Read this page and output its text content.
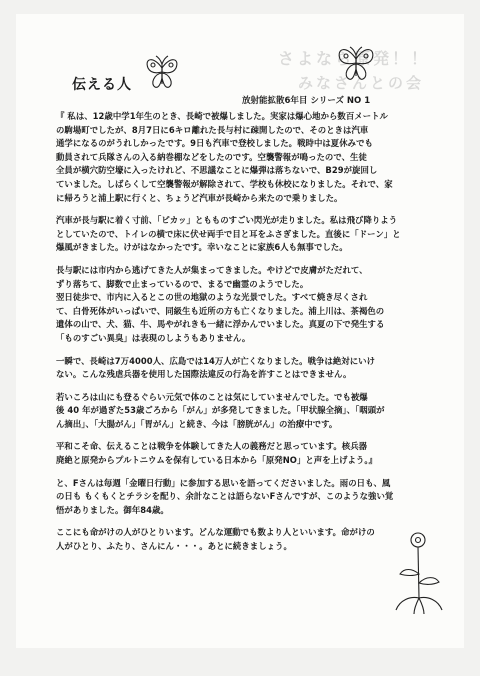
さよなら原発！！
みなさんとの会
伝える人
放射能拡散6年目 シリーズ NO 1

『 私は、12歳中学1年生のとき、長崎で被爆しました。実家は爆心地から数百メートル
の駒場町でしたが、8月7日に6キロ離れた長与村に疎開したので、そのときは汽車
通学になるのがうれしかったです。9日も汽車で登校しました。戦時中は夏休みでも
動員されて兵隊さんの入る納巻棚などをしたのです。空襲警報が鳴ったので、生徒
全員が横穴防空壕に入ったけれど、不思議なことに爆弾は落ちないで、B29が旋回し
ていました。しばらくして空襲警報が解除されて、学校も休校になりました。それで、家
に帰ろうと浦上駅に行くと、ちょうど汽車が長崎から来たので乗りました。

汽車が長与駅に着く寸前、「ピカッ」ともものすごい閃光が走りました。私は飛び降りよう
としていたので、トイレの横で床に伏せ両手で目と耳をふさぎました。直後に「ドーン」と
爆風がきました。けがはなかったです。幸いなことに家族6人も無事でした。

長与駅には市内から逃げてきた人が集まってきました。やけどで皮膚がただれて、
ずり落ちて、脚数で止まっているので、まるで幽霊のようでした。
翌日徒歩で、市内に入るとこの世の地獄のような光景でした。すべて焼き尽くされ
て、白骨死体がいっぱいで、同級生も近所の方も亡くなりました。浦上川は、茶褐色の
遺体の山で、犬、猫、牛、馬やがれきも一緒に浮かんでいました。真夏の下で発生する
「ものすごい異臭」は表現のしようもありません。

一瞬で、長崎は7万4000人、広島では14万人が亡くなりました。戦争は絶対にいけ
ない。こんな残虐兵器を使用した国際法違反の行為を許すことはできません。

若いころは山にも登るぐらい元気で体のことは気にしていませんでした。でも被爆
後 40 年が過ぎた53歳ごろから「がん」が多発してきました。「甲状腺全摘」、「咽頭が
ん摘出」、「大腸がん」「胃がん」と続き、今は「膀胱がん」の治療中です。

平和こそ命、伝えることは戦争を体験してきた人の義務だと思っています。核兵器
廃絶と原発からプルトニウムを保有している日本から「原発NO」と声を上げよう。』

と、Fさんは毎週「金曜日行動」に参加する思いを語ってくださいました。雨の日も、風
の日も もくもくとチラシを配り、余計なことは語らないFさんですが、このような強い覚
悟がありました。御年84歳。

ここにも命がけの人がひとりいます。どんな運動でも数より人といいます。命がけの
人がひとり、ふたり、さんにん・・・。あとに続きましょう。
